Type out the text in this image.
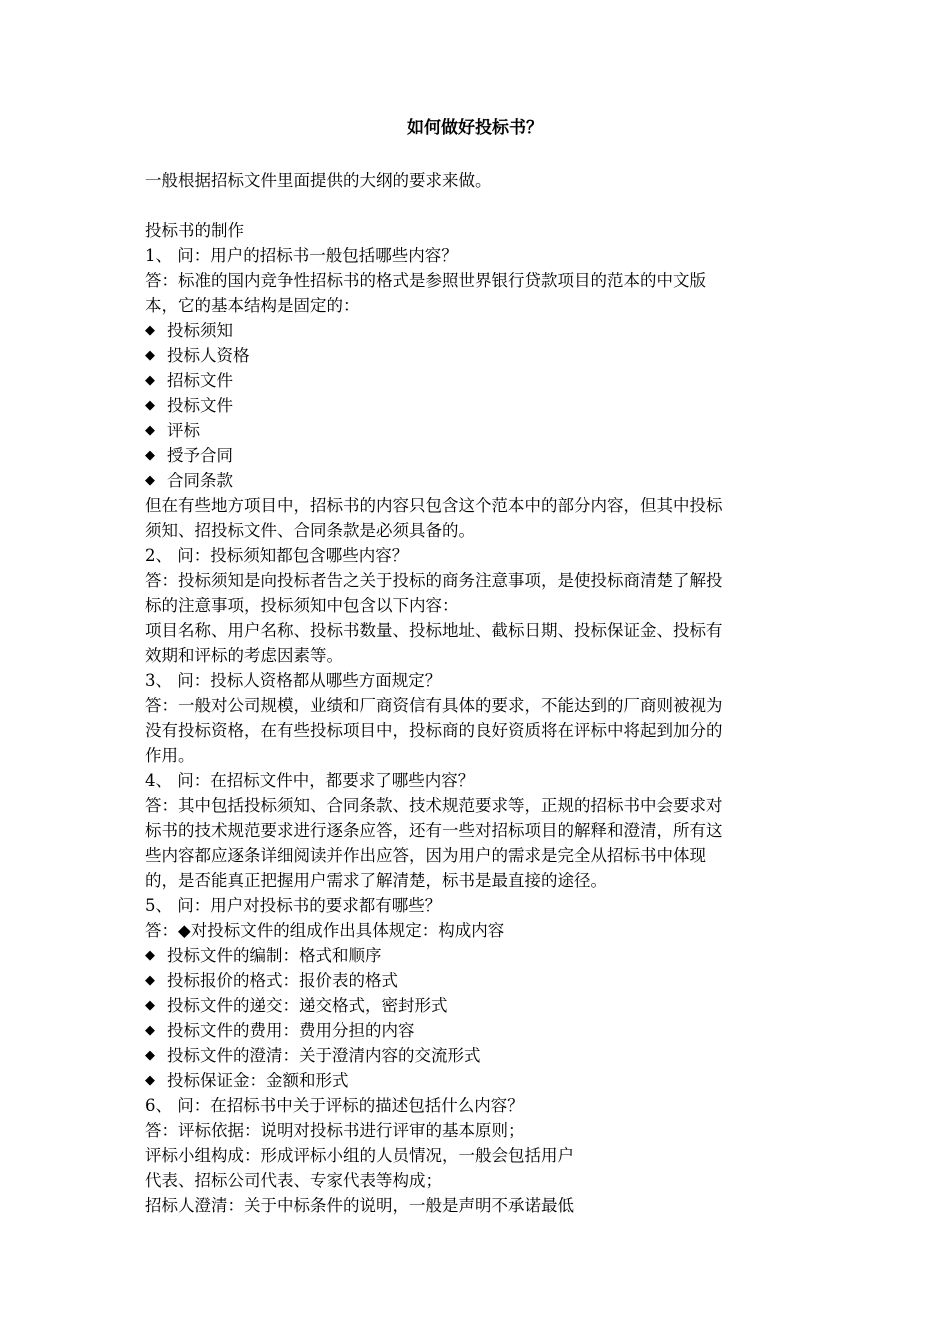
如何做好投标书？
一般根据招标文件里面提供的大纲的要求来做。
投标书的制作
1、 问：用户的招标书一般包括哪些内容？
答：标准的国内竞争性招标书的格式是参照世界银行贷款项目的范本的中文版
本，它的基本结构是固定的：
◆ 投标须知
◆ 投标人资格
◆ 招标文件
◆ 投标文件
◆ 评标
◆ 授予合同
◆ 合同条款
但在有些地方项目中，招标书的内容只包含这个范本中的部分内容，但其中投标
须知、招投标文件、合同条款是必须具备的。
2、 问：投标须知都包含哪些内容？
答：投标须知是向投标者告之关于投标的商务注意事项，是使投标商清楚了解投
标的注意事项，投标须知中包含以下内容：
项目名称、用户名称、投标书数量、投标地址、截标日期、投标保证金、投标有
效期和评标的考虑因素等。
3、 问：投标人资格都从哪些方面规定？
答：一般对公司规模，业绩和厂商资信有具体的要求，不能达到的厂商则被视为
没有投标资格，在有些投标项目中，投标商的良好资质将在评标中将起到加分的
作用。
4、 问：在招标文件中，都要求了哪些内容？
答：其中包括投标须知、合同条款、技术规范要求等，正规的招标书中会要求对
标书的技术规范要求进行逐条应答，还有一些对招标项目的解释和澄清，所有这
些内容都应逐条详细阅读并作出应答，因为用户的需求是完全从招标书中体现
的，是否能真正把握用户需求了解清楚，标书是最直接的途径。
5、 问：用户对投标书的要求都有哪些？
答：◆对投标文件的组成作出具体规定：构成内容
◆ 投标文件的编制：格式和顺序
◆ 投标报价的格式：报价表的格式
◆ 投标文件的递交：递交格式，密封形式
◆ 投标文件的费用：费用分担的内容
◆ 投标文件的澄清：关于澄清内容的交流形式
◆ 投标保证金：金额和形式
6、 问：在招标书中关于评标的描述包括什么内容？
答：评标依据：说明对投标书进行评审的基本原则；
评标小组构成：形成评标小组的人员情况，一般会包括用户
代表、招标公司代表、专家代表等构成；
招标人澄清：关于中标条件的说明，一般是声明不承诺最低
